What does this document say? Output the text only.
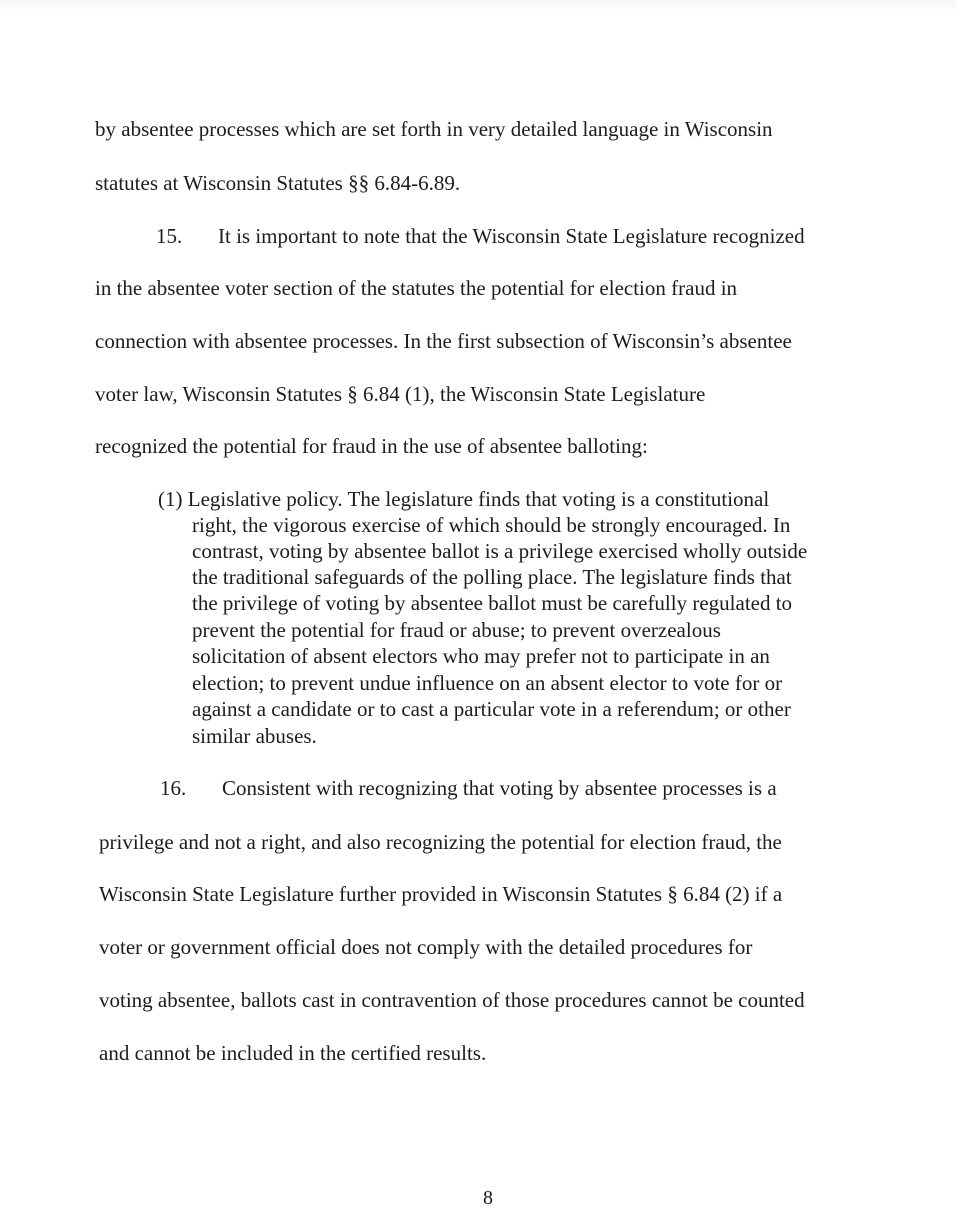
by absentee processes which are set forth in very detailed language in Wisconsin
statutes at Wisconsin Statutes §§ 6.84-6.89.
15. It is important to note that the Wisconsin State Legislature recognized
in the absentee voter section of the statutes the potential for election fraud in
connection with absentee processes. In the first subsection of Wisconsin’s absentee
voter law, Wisconsin Statutes § 6.84 (1), the Wisconsin State Legislature
recognized the potential for fraud in the use of absentee balloting:
(1) Legislative policy. The legislature finds that voting is a constitutional
right, the vigorous exercise of which should be strongly encouraged. In
contrast, voting by absentee ballot is a privilege exercised wholly outside
the traditional safeguards of the polling place. The legislature finds that
the privilege of voting by absentee ballot must be carefully regulated to
prevent the potential for fraud or abuse; to prevent overzealous
solicitation of absent electors who may prefer not to participate in an
election; to prevent undue influence on an absent elector to vote for or
against a candidate or to cast a particular vote in a referendum; or other
similar abuses.
16. Consistent with recognizing that voting by absentee processes is a
privilege and not a right, and also recognizing the potential for election fraud, the
Wisconsin State Legislature further provided in Wisconsin Statutes § 6.84 (2) if a
voter or government official does not comply with the detailed procedures for
voting absentee, ballots cast in contravention of those procedures cannot be counted
and cannot be included in the certified results.
8
